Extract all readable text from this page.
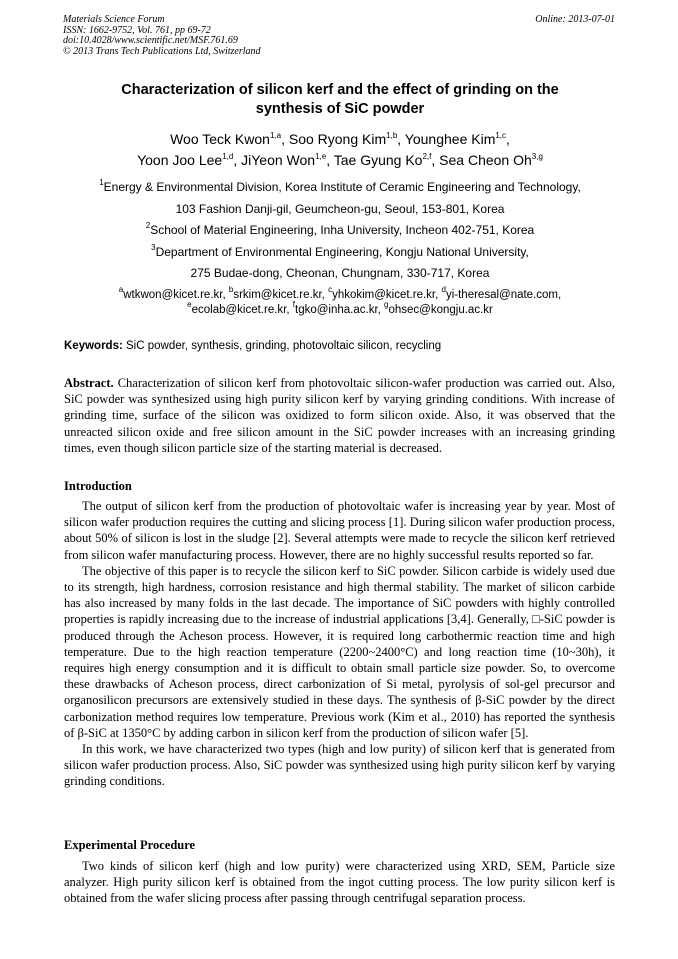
Materials Science Forum
ISSN: 1662-9752, Vol. 761, pp 69-72
doi:10.4028/www.scientific.net/MSF.761.69
© 2013 Trans Tech Publications Ltd, Switzerland
Online: 2013-07-01
Characterization of silicon kerf and the effect of grinding on the
synthesis of SiC powder
Woo Teck Kwon$^{1,a}$, Soo Ryong Kim$^{1,b}$, Younghee Kim$^{1,c}$,
Yoon Joo Lee$^{1,d}$, JiYeon Won$^{1,e}$, Tae Gyung Ko$^{2,f}$, Sea Cheon Oh$^{3,g}$
$^1$Energy & Environmental Division, Korea Institute of Ceramic Engineering and Technology,
103 Fashion Danji-gil, Geumcheon-gu, Seoul, 153-801, Korea
$^2$School of Material Engineering, Inha University, Incheon 402-751, Korea
$^3$Department of Environmental Engineering, Kongju National University,
275 Budae-dong, Cheonan, Chungnam, 330-717, Korea
$^a$wtkwon@kicet.re.kr, $^b$srkim@kicet.re.kr, $^c$yhkokim@kicet.re.kr, $^d$yi-theresal@nate.com,
$^e$ecolab@kicet.re.kr, $^f$tgko@inha.ac.kr, $^g$ohsec@kongju.ac.kr
Keywords: SiC powder, synthesis, grinding, photovoltaic silicon, recycling
Abstract. Characterization of silicon kerf from photovoltaic silicon-wafer production was carried out. Also, SiC powder was synthesized using high purity silicon kerf by varying grinding conditions. With increase of grinding time, surface of the silicon was oxidized to form silicon oxide. Also, it was observed that the unreacted silicon oxide and free silicon amount in the SiC powder increases with an increasing grinding times, even though silicon particle size of the starting material is decreased.
Introduction

The output of silicon kerf from the production of photovoltaic wafer is increasing year by year. Most of silicon wafer production requires the cutting and slicing process [1]. During silicon wafer production process, about 50% of silicon is lost in the sludge [2]. Several attempts were made to recycle the silicon kerf retrieved from silicon wafer manufacturing process. However, there are no highly successful results reported so far.

The objective of this paper is to recycle the silicon kerf to SiC powder. Silicon carbide is widely used due to its strength, high hardness, corrosion resistance and high thermal stability. The market of silicon carbide has also increased by many folds in the last decade. The importance of SiC powders with highly controlled properties is rapidly increasing due to the increase of industrial applications [3,4]. Generally, □-SiC powder is produced through the Acheson process. However, it is required long carbothermic reaction time and high temperature. Due to the high reaction temperature (2200~2400°C) and long reaction time (10~30h), it requires high energy consumption and it is difficult to obtain small particle size powder. So, to overcome these drawbacks of Acheson process, direct carbonization of Si metal, pyrolysis of sol-gel precursor and organosilicon precursors are extensively studied in these days. The synthesis of β-SiC powder by the direct carbonization method requires low temperature. Previous work (Kim et al., 2010) has reported the synthesis of β-SiC at 1350°C by adding carbon in silicon kerf from the production of silicon wafer [5].

In this work, we have characterized two types (high and low purity) of silicon kerf that is generated from silicon wafer production process. Also, SiC powder was synthesized using high purity silicon kerf by varying grinding conditions.

Experimental Procedure

Two kinds of silicon kerf (high and low purity) were characterized using XRD, SEM, Particle size analyzer. High purity silicon kerf is obtained from the ingot cutting process. The low purity silicon kerf is obtained from the wafer slicing process after passing through centrifugal separation process.
